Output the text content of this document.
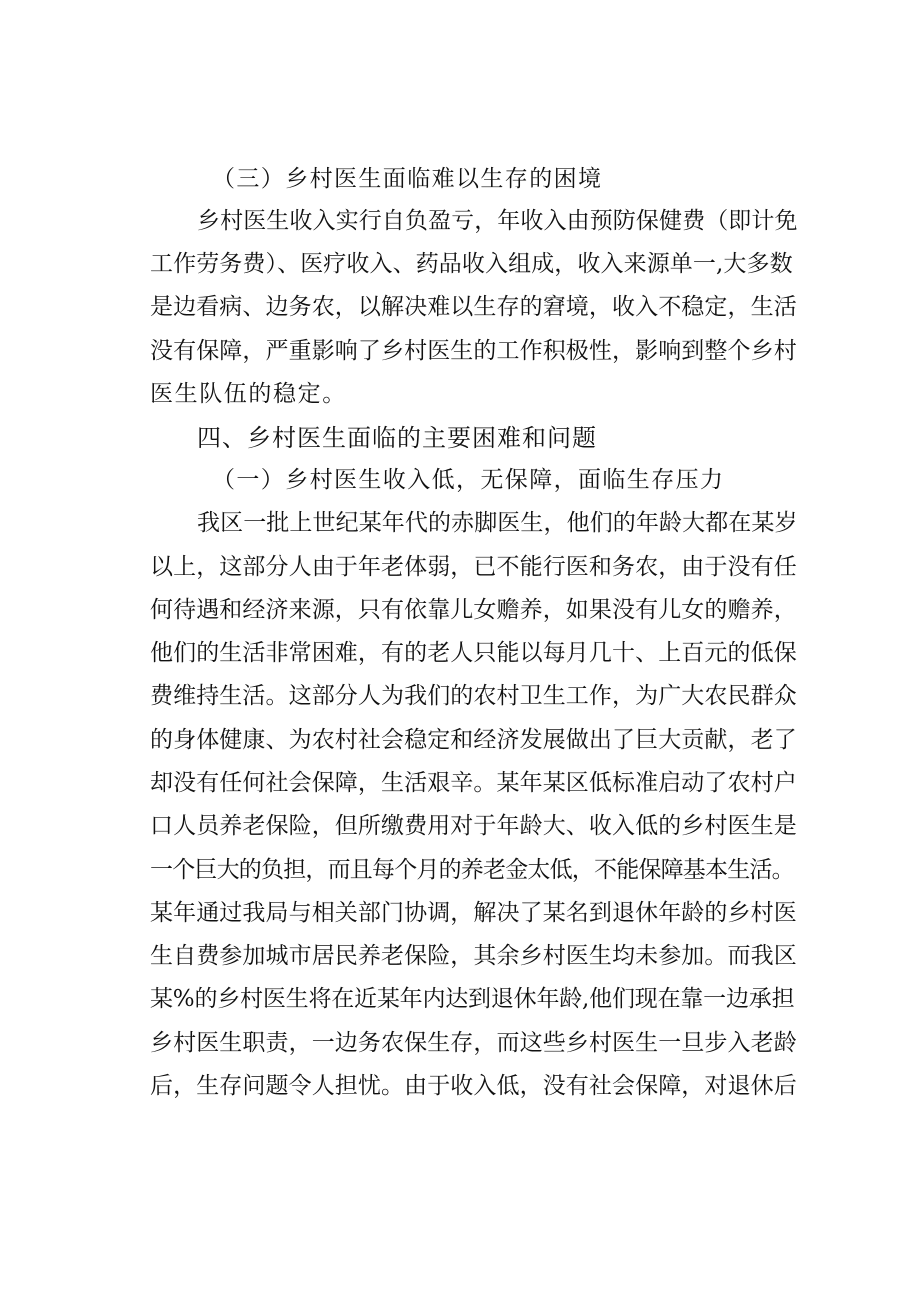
（三）乡村医生面临难以生存的困境
乡村医生收入实行自负盈亏，年收入由预防保健费（即计免
工作劳务费）、医疗收入、药品收入组成，收入来源单一,大多数
是边看病、边务农，以解决难以生存的窘境，收入不稳定，生活
没有保障，严重影响了乡村医生的工作积极性，影响到整个乡村
医生队伍的稳定。
四、乡村医生面临的主要困难和问题
（一）乡村医生收入低，无保障，面临生存压力
我区一批上世纪某年代的赤脚医生，他们的年龄大都在某岁
以上，这部分人由于年老体弱，已不能行医和务农，由于没有任
何待遇和经济来源，只有依靠儿女赡养，如果没有儿女的赡养，
他们的生活非常困难，有的老人只能以每月几十、上百元的低保
费维持生活。这部分人为我们的农村卫生工作，为广大农民群众
的身体健康、为农村社会稳定和经济发展做出了巨大贡献，老了
却没有任何社会保障，生活艰辛。某年某区低标准启动了农村户
口人员养老保险，但所缴费用对于年龄大、收入低的乡村医生是
一个巨大的负担，而且每个月的养老金太低，不能保障基本生活。
某年通过我局与相关部门协调，解决了某名到退休年龄的乡村医
生自费参加城市居民养老保险，其余乡村医生均未参加。而我区
某%的乡村医生将在近某年内达到退休年龄,他们现在靠一边承担
乡村医生职责，一边务农保生存，而这些乡村医生一旦步入老龄
后，生存问题令人担忧。由于收入低，没有社会保障，对退休后
